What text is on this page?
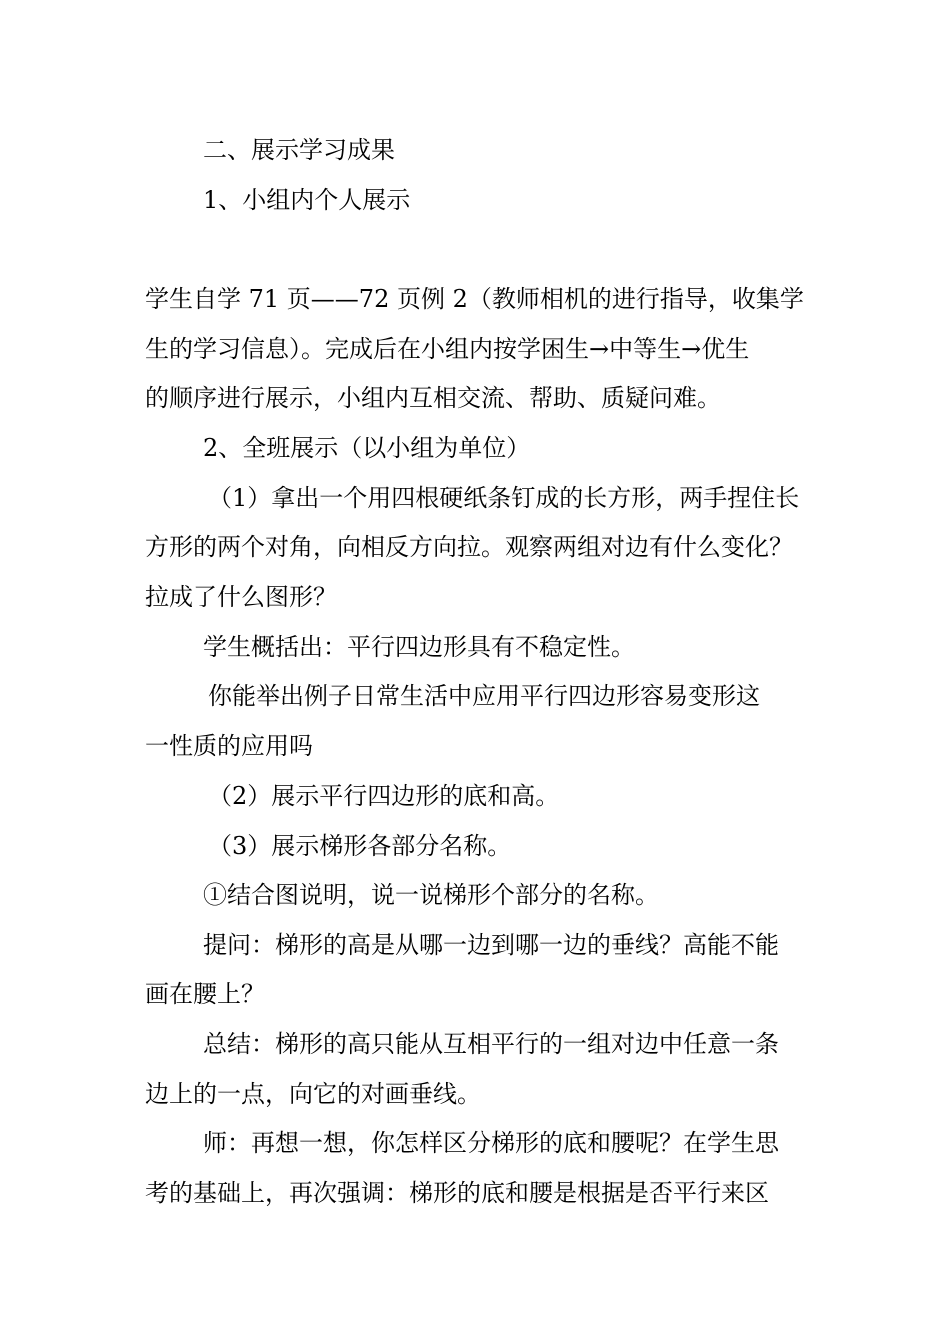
二、展示学习成果
1、小组内个人展示
学生自学 71 页——72 页例 2（教师相机的进行指导，收集学
生的学习信息）。完成后在小组内按学困生→中等生→优生
的顺序进行展示，小组内互相交流、帮助、质疑问难。
2、全班展示（以小组为单位）
（1）拿出一个用四根硬纸条钉成的长方形，两手捏住长
方形的两个对角，向相反方向拉。观察两组对边有什么变化？
拉成了什么图形？
学生概括出：平行四边形具有不稳定性。
你能举出例子日常生活中应用平行四边形容易变形这
一性质的应用吗
（2）展示平行四边形的底和高。
（3）展示梯形各部分名称。
①结合图说明，说一说梯形个部分的名称。
提问：梯形的高是从哪一边到哪一边的垂线？高能不能
画在腰上？
总结：梯形的高只能从互相平行的一组对边中任意一条
边上的一点，向它的对画垂线。
师：再想一想，你怎样区分梯形的底和腰呢？在学生思
考的基础上，再次强调：梯形的底和腰是根据是否平行来区
